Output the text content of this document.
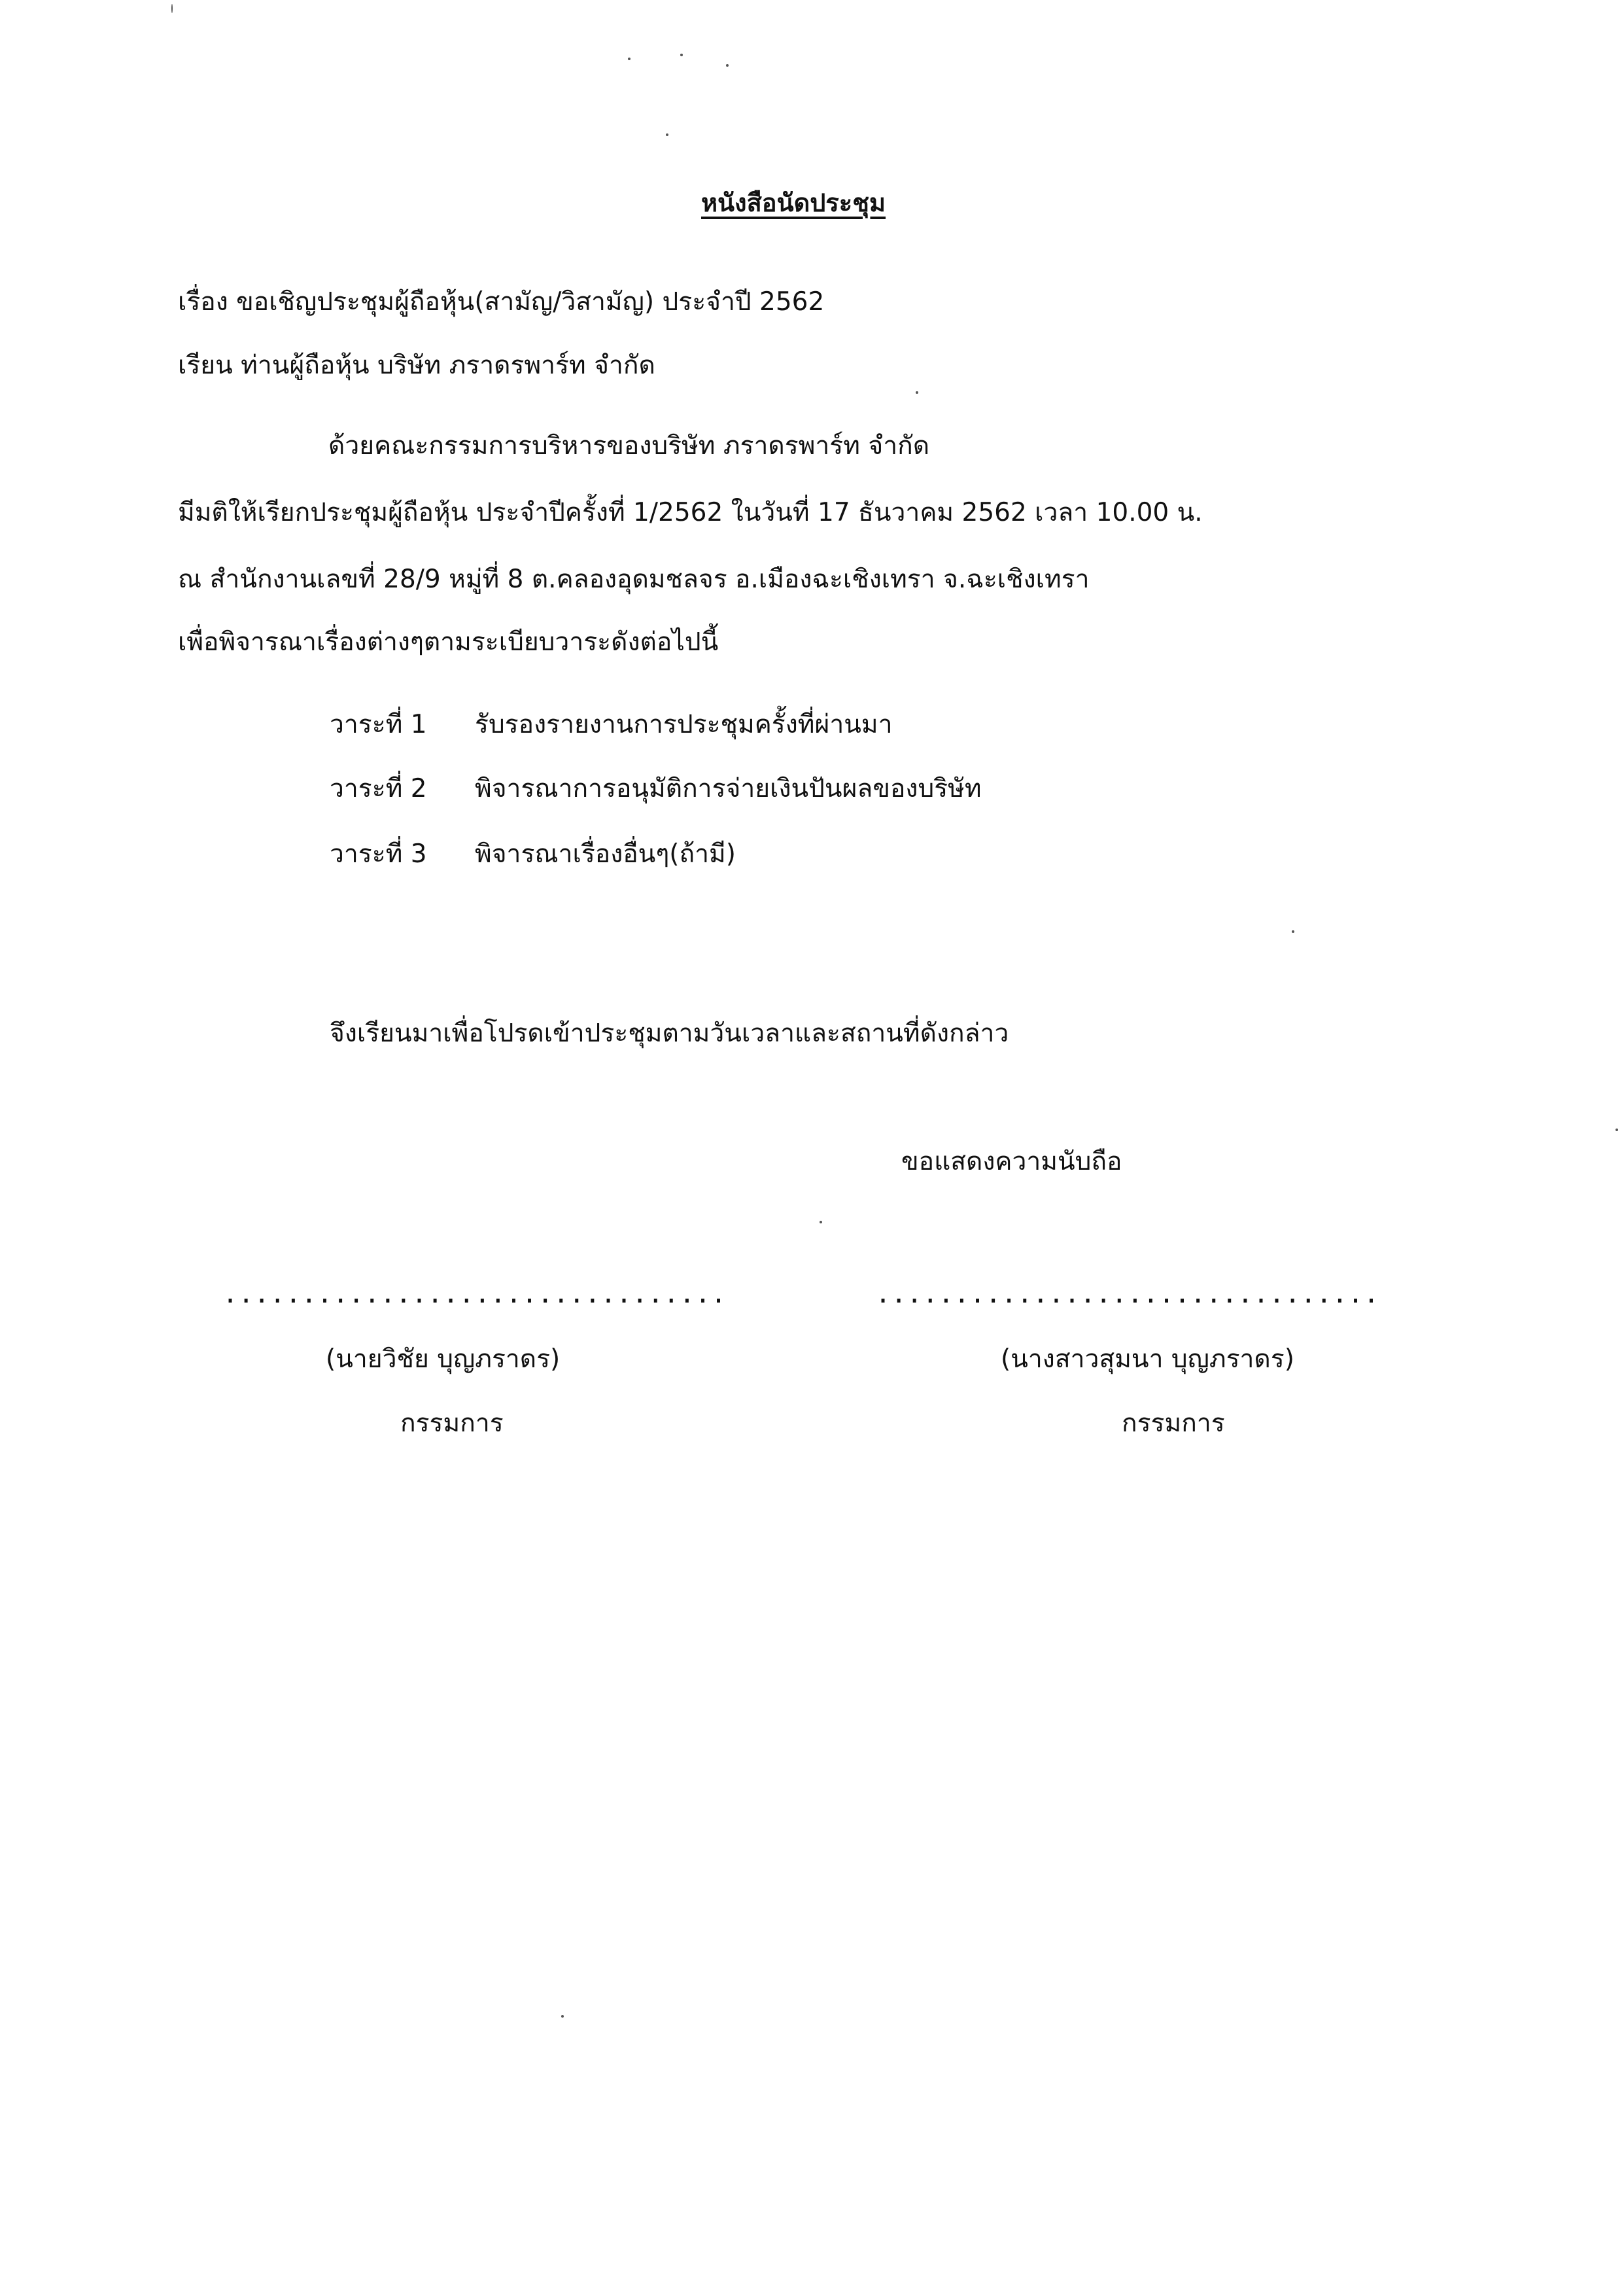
หนังสือนัดประชุม
เรื่อง ขอเชิญประชุมผู้ถือหุ้น(สามัญ/วิสามัญ) ประจำปี 2562
เรียน ท่านผู้ถือหุ้น บริษัท ภราดรพาร์ท จำกัด
ด้วยคณะกรรมการบริหารของบริษัท ภราดรพาร์ท จำกัด
มีมติให้เรียกประชุมผู้ถือหุ้น ประจำปีครั้งที่ 1/2562 ในวันที่ 17 ธันวาคม 2562 เวลา 10.00 น.
ณ สำนักงานเลขที่ 28/9 หมู่ที่ 8 ต.คลองอุดมชลจร อ.เมืองฉะเชิงเทรา จ.ฉะเชิงเทรา
เพื่อพิจารณาเรื่องต่างๆตามระเบียบวาระดังต่อไปนี้
วาระที่ 1 รับรองรายงานการประชุมครั้งที่ผ่านมา
วาระที่ 2 พิจารณาการอนุมัติการจ่ายเงินปันผลของบริษัท
วาระที่ 3 พิจารณาเรื่องอื่นๆ(ถ้ามี)
จึงเรียนมาเพื่อโปรดเข้าประชุมตามวันเวลาและสถานที่ดังกล่าว
ขอแสดงความนับถือ
................................
(นายวิชัย บุญภราดร)
กรรมการ
................................
(นางสาวสุมนา บุญภราดร)
กรรมการ
